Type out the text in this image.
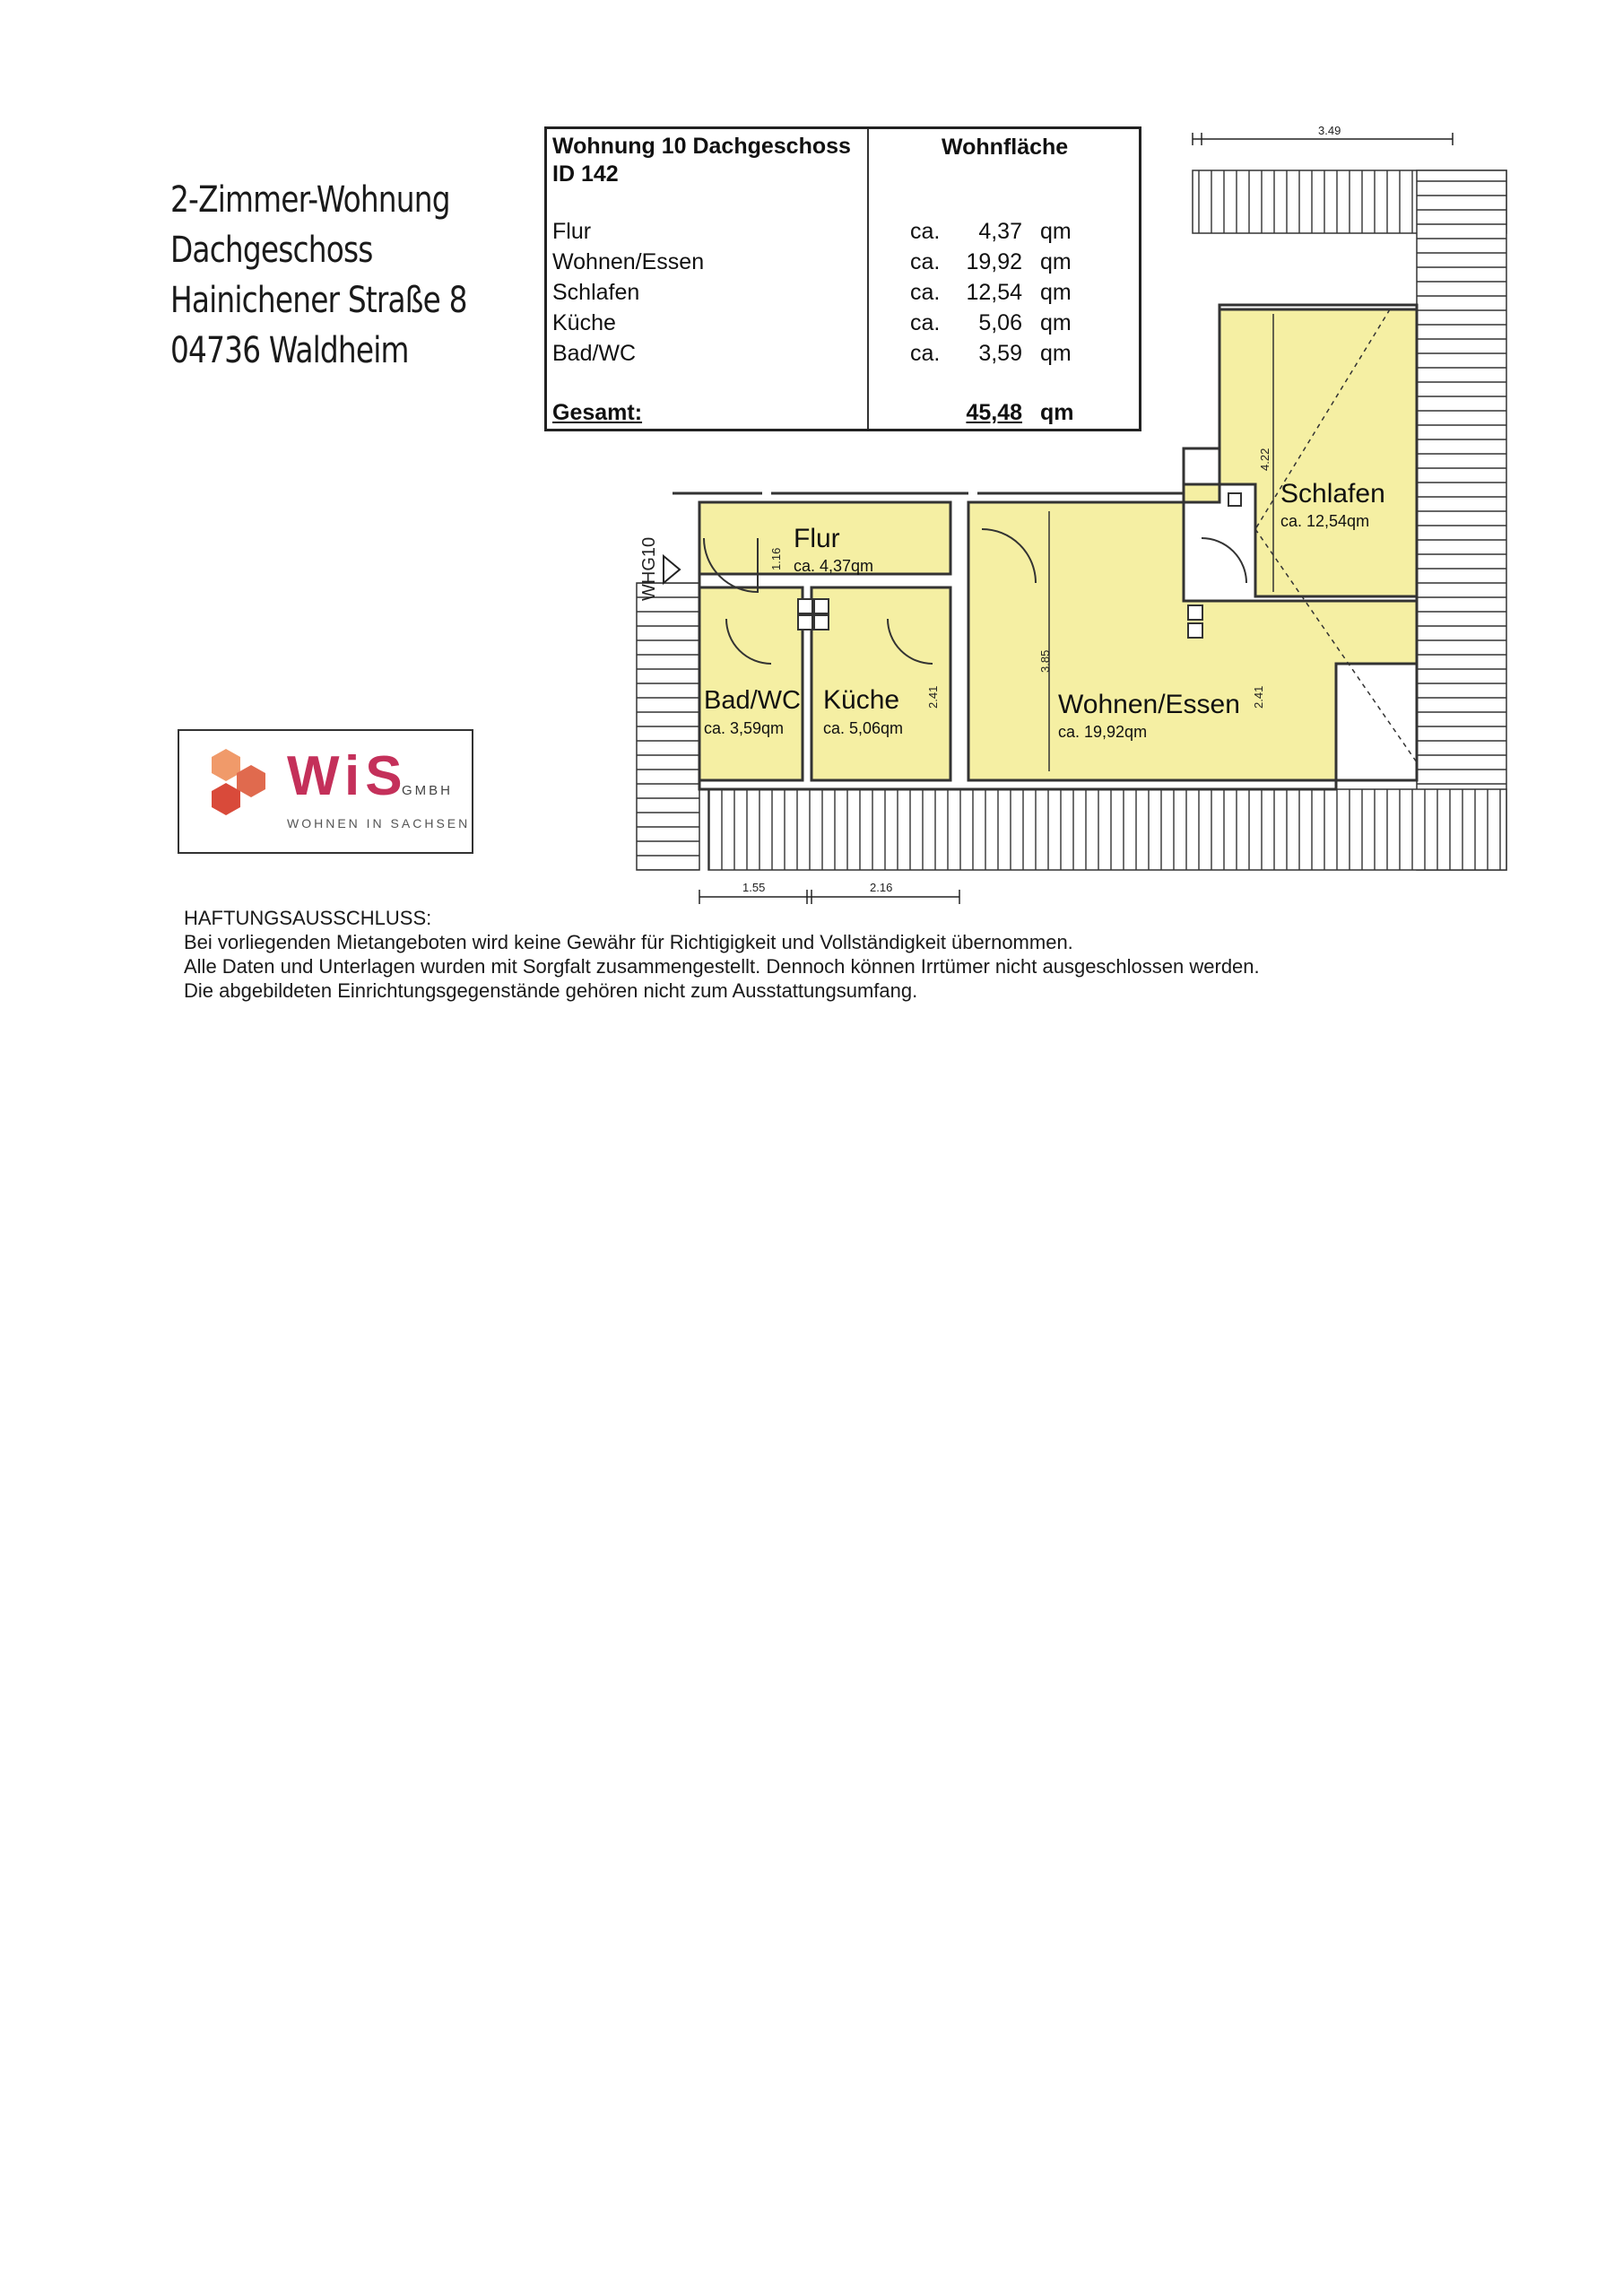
2-Zimmer-Wohnung
Dachgeschoss
Hainichener Straße 8
04736 Waldheim
Wohnung 10 Dachgeschoss
ID 142
Wohnfläche
Flur	ca. 4,37 qm
Wohnen/Essen	ca. 19,92 qm
Schlafen	ca. 12,54 qm
Küche	ca. 5,06 qm
Bad/WC	ca. 3,59 qm
Gesamt:	45,48 qm
WiS
GMBH
WOHNEN IN SACHSEN
3.49
WHG10	Flur
ca. 4,37qm
Bad/WC
ca. 3,59qm
Küche
ca. 5,06qm
Wohnen/Essen
ca. 19,92qm
Schlafen
ca. 12,54qm
1.16
3.85
4.22
2.41	2.41
1.55	2.16
HAFTUNGSAUSSCHLUSS:
Bei vorliegenden Mietangeboten wird keine Gewähr für Richtigigkeit und Vollständigkeit übernommen.
Alle Daten und Unterlagen wurden mit Sorgfalt zusammengestellt. Dennoch können Irrtümer nicht ausgeschlossen werden.
Die abgebildeten Einrichtungsgegenstände gehören nicht zum Ausstattungsumfang.
